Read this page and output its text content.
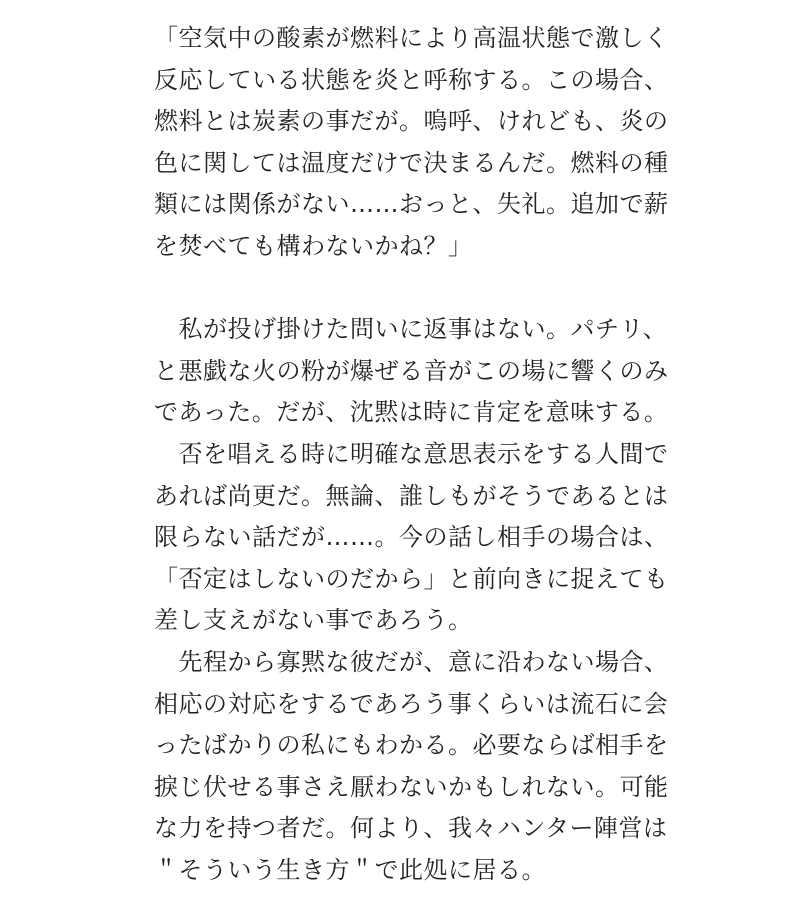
「空気中の酸素が燃料により高温状態で激しく
反応している状態を炎と呼称する。この場合、
燃料とは炭素の事だが。嗚呼、けれども、炎の
色に関しては温度だけで決まるんだ。燃料の種
類には関係がない……おっと、失礼。追加で薪
を焚べても構わないかね？」
　私が投げ掛けた問いに返事はない。パチリ、
と悪戯な火の粉が爆ぜる音がこの場に響くのみ
であった。だが、沈黙は時に肯定を意味する。
　否を唱える時に明確な意思表示をする人間で
あれば尚更だ。無論、誰しもがそうであるとは
限らない話だが……。今の話し相手の場合は、
「否定はしないのだから」と前向きに捉えても
差し支えがない事であろう。
　先程から寡黙な彼だが、意に沿わない場合、
相応の対応をするであろう事くらいは流石に会
ったばかりの私にもわかる。必要ならば相手を
捩じ伏せる事さえ厭わないかもしれない。可能
な力を持つ者だ。何より、我々ハンター陣営は
＂そういう生き方＂で此処に居る。
